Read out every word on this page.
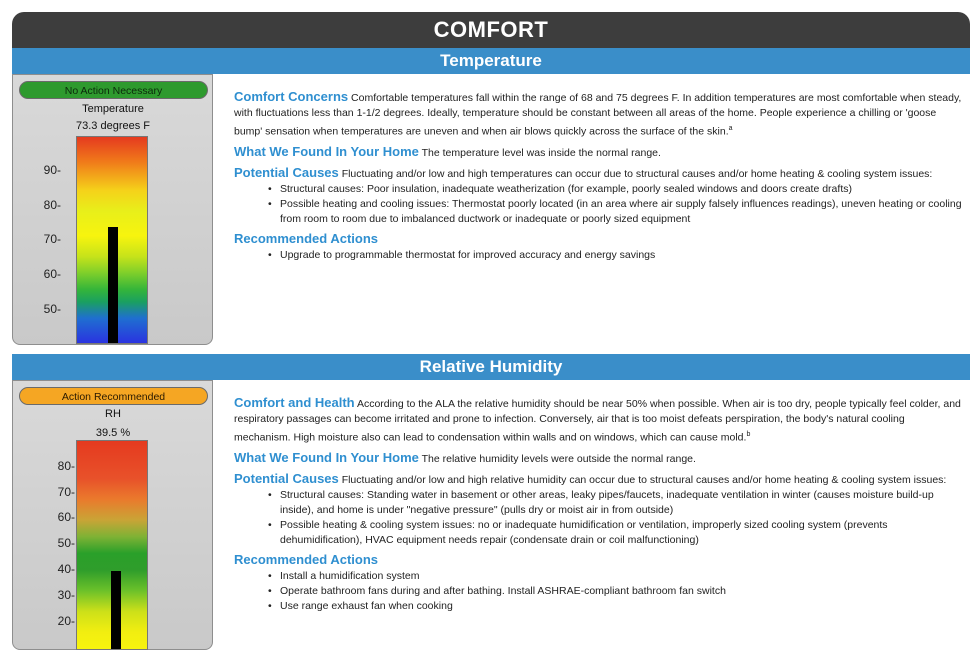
COMFORT
Temperature
No Action Necessary
Temperature
73.3 degrees F
90-
80-
70-
60-
50-

Comfort Concerns Comfortable temperatures fall within the range of 68 and 75 degrees F. In addition temperatures are most comfortable when steady, with fluctuations less than 1-1/2 degrees. Ideally, temperature should be constant between all areas of the home. People experience a chilling or 'goose bump' sensation when temperatures are uneven and when air blows quickly across the surface of the skin.$^a$

What We Found In Your Home The temperature level was inside the normal range.

Potential Causes Fluctuating and/or low and high temperatures can occur due to structural causes and/or home heating & cooling system issues:

• Structural causes: Poor insulation, inadequate weatherization (for example, poorly sealed windows and doors create drafts)
• Possible heating and cooling issues: Thermostat poorly located (in an area where air supply falsely influences readings), uneven heating or cooling from room to room due to imbalanced ductwork or inadequate or poorly sized equipment

Recommended Actions

• Upgrade to programmable thermostat for improved accuracy and energy savings
Relative Humidity
Action Recommended
RH
39.5 %
80-
70-
60-
50-
40-
30-
20-

Comfort and Health According to the ALA the relative humidity should be near 50% when possible. When air is too dry, people typically feel colder, and respiratory passages can become irritated and prone to infection. Conversely, air that is too moist defeats perspiration, the body's natural cooling mechanism. High moisture also can lead to condensation within walls and on windows, which can cause mold.$^b$

What We Found In Your Home The relative humidity levels were outside the normal range.

Potential Causes Fluctuating and/or low and high relative humidity can occur due to structural causes and/or home heating & cooling system issues:

• Structural causes: Standing water in basement or other areas, leaky pipes/faucets, inadequate ventilation in winter (causes moisture build-up inside), and home is under "negative pressure" (pulls dry or moist air in from outside)
• Possible heating & cooling system issues: no or inadequate humidification or ventilation, improperly sized cooling system (prevents dehumidification), HVAC equipment needs repair (condensate drain or coil malfunctioning)

Recommended Actions

• Install a humidification system
• Operate bathroom fans during and after bathing. Install ASHRAE-compliant bathroom fan switch
• Use range exhaust fan when cooking
